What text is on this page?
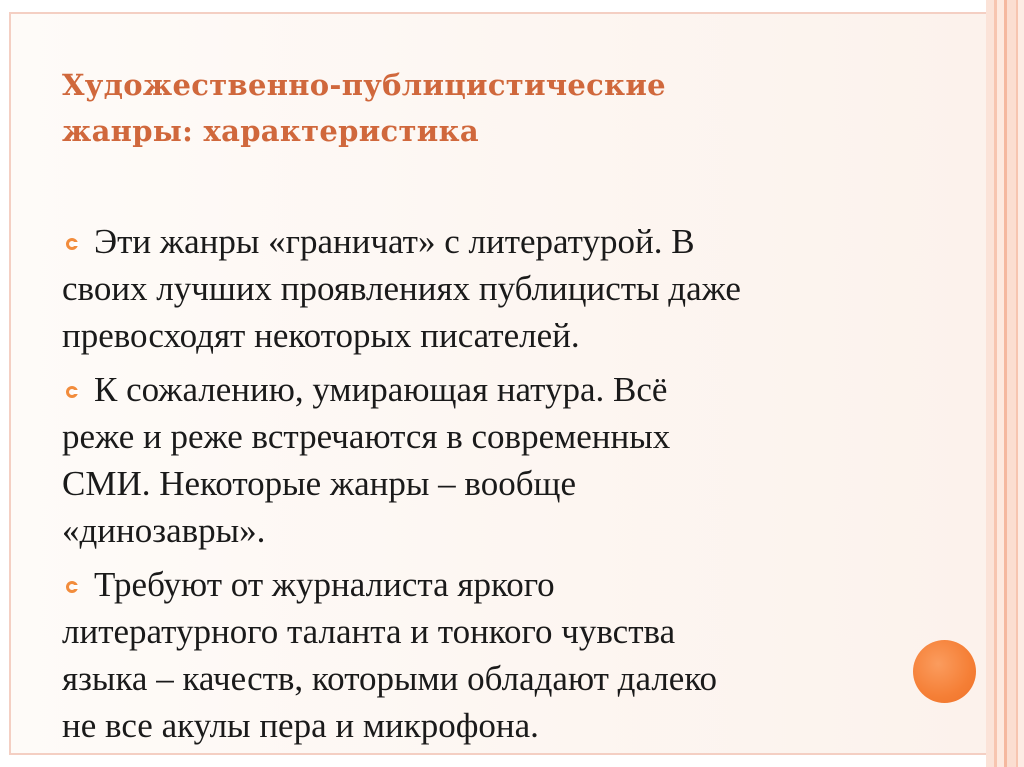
Художественно-публицистические
жанры: характеристика
Эти жанры «граничат» с литературой. В
своих лучших проявлениях публицисты даже
превосходят некоторых писателей.
К сожалению, умирающая натура. Всё
реже и реже встречаются в современных
СМИ. Некоторые жанры – вообще
«динозавры».
Требуют от журналиста яркого
литературного таланта и тонкого чувства
языка – качеств, которыми обладают далеко
не все акулы пера и микрофона.
